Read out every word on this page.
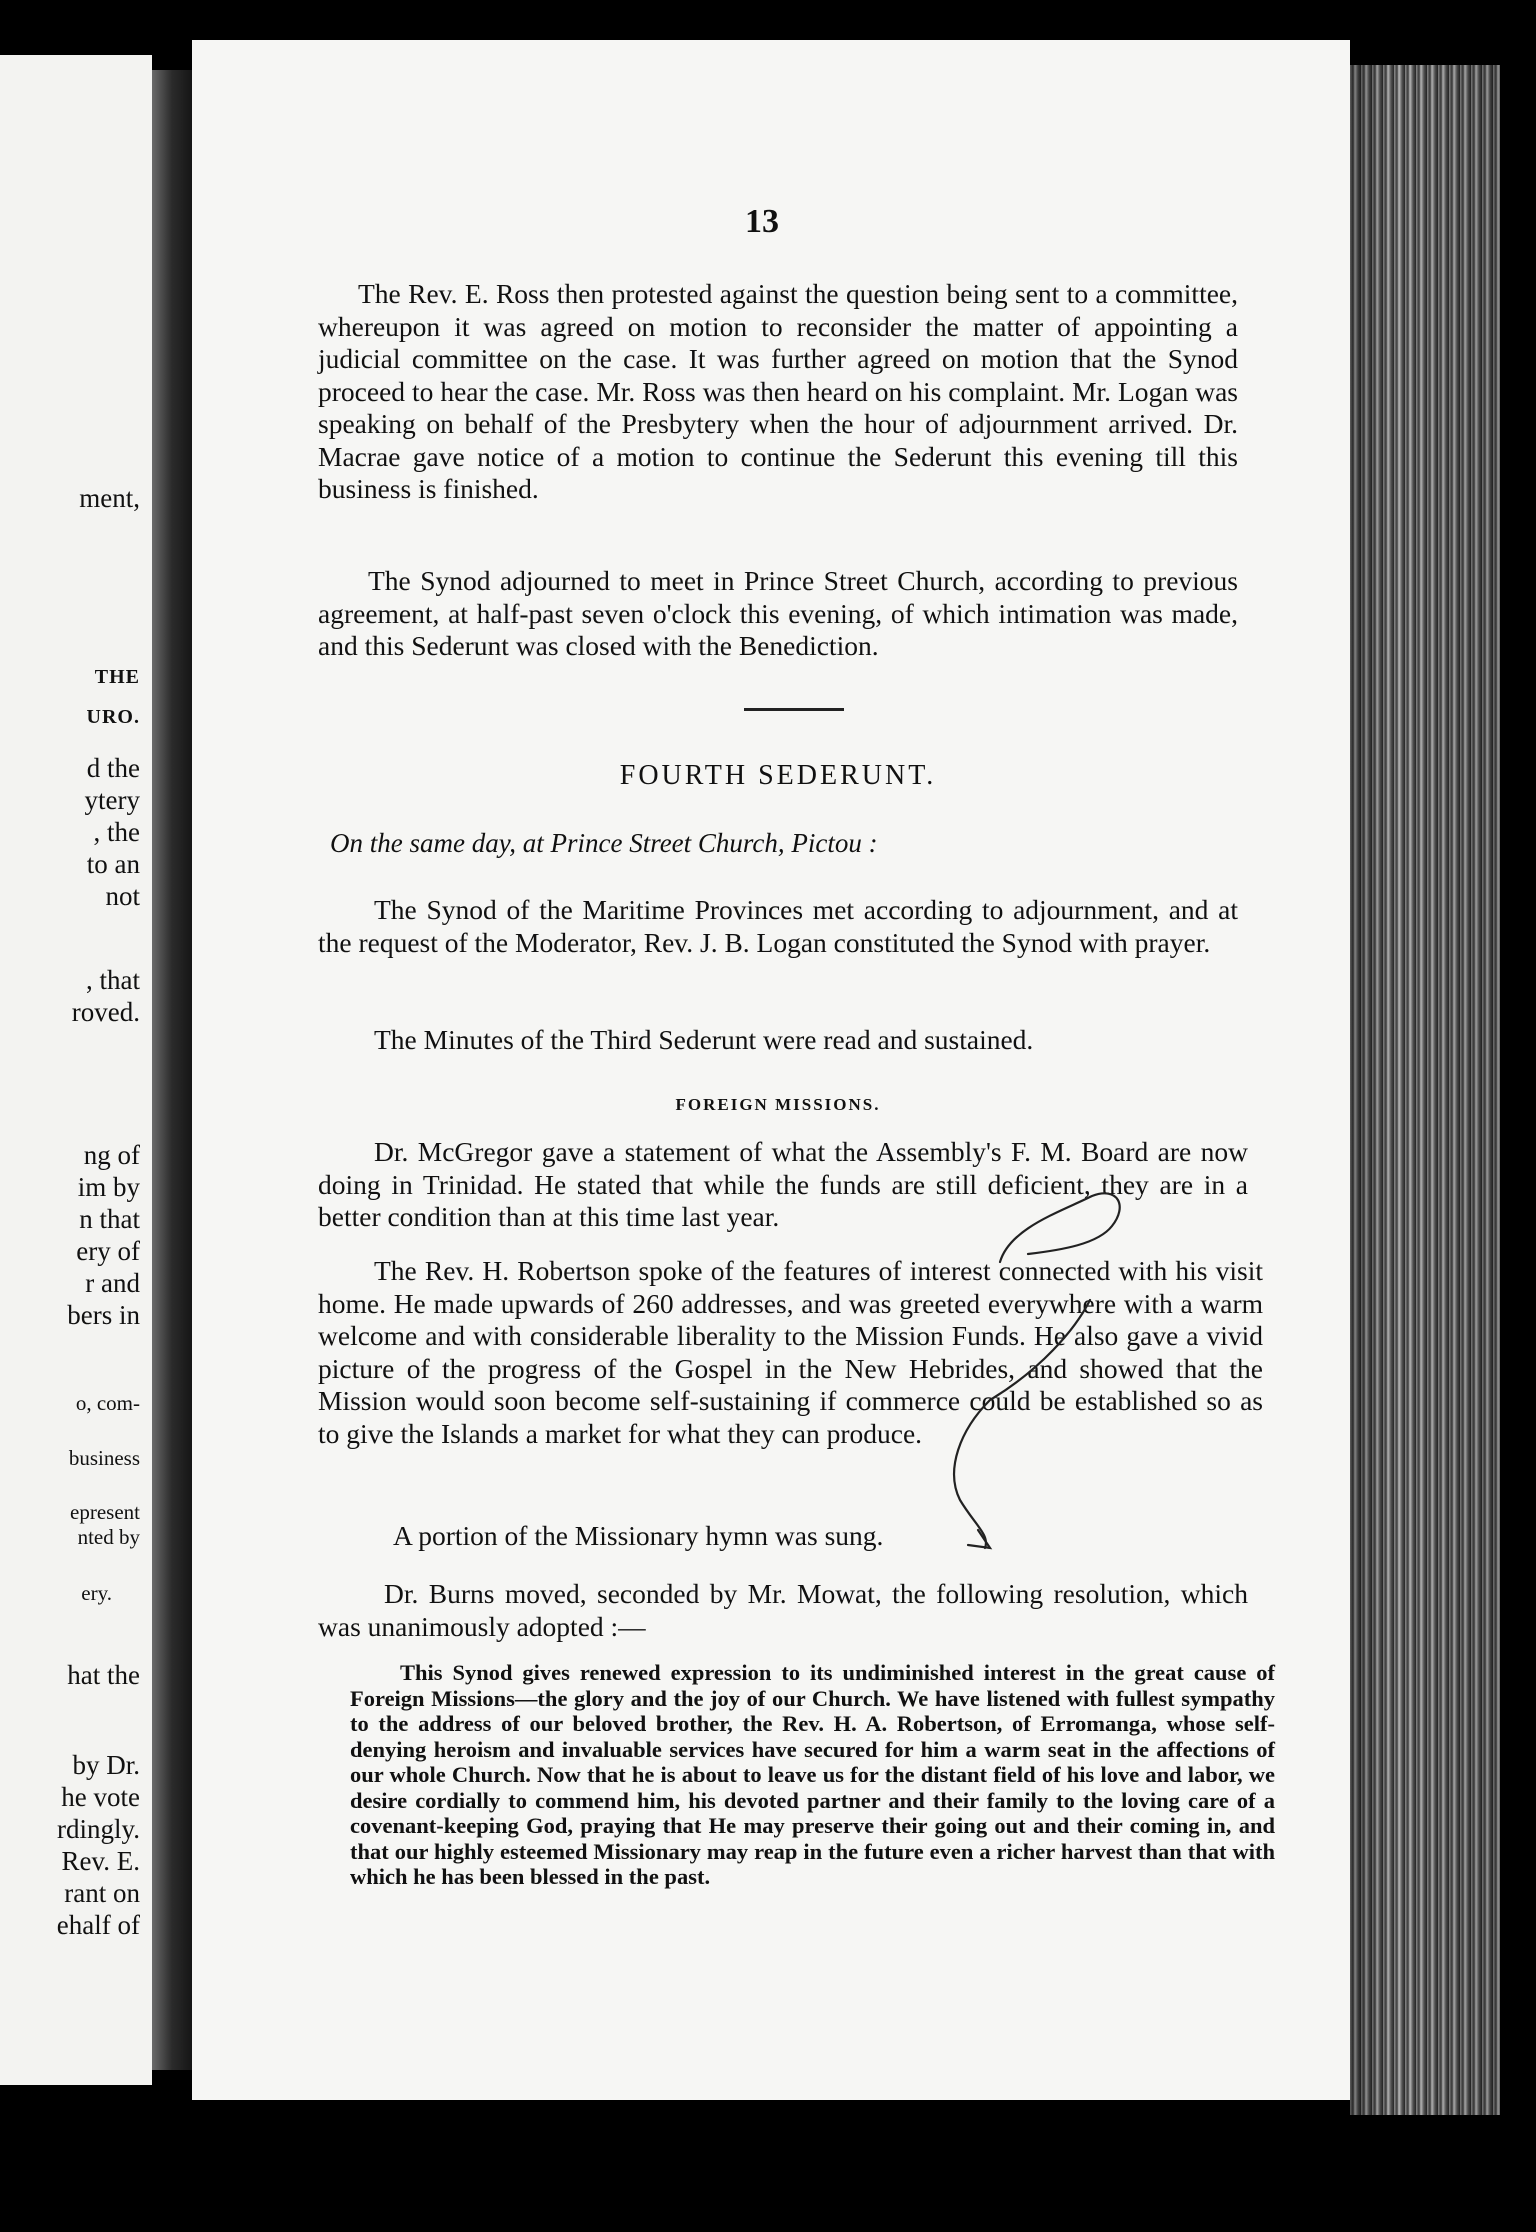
ment,
THE
URO.
d the
ytery
, the
to an
not
, that
roved.
ng of
im by
n that
ery of
r and
bers in
o, com-
business
epresent
nted by
ery.
hat the
by Dr.
he vote
rdingly.
Rev. E.
rant on
ehalf of
13

The Rev. E. Ross then protested against the question being sent to a committee, whereupon it was agreed on motion to reconsider the matter of appointing a judicial committee on the case. It was further agreed on motion that the Synod proceed to hear the case. Mr. Ross was then heard on his complaint. Mr. Logan was speaking on behalf of the Presbytery when the hour of adjournment arrived. Dr. Macrae gave notice of a motion to continue the Sederunt this evening till this business is finished.

The Synod adjourned to meet in Prince Street Church, according to previous agreement, at half-past seven o'clock this evening, of which intimation was made, and this Sederunt was closed with the Benediction.

FOURTH SEDERUNT.

On the same day, at Prince Street Church, Pictou :

The Synod of the Maritime Provinces met according to adjournment, and at the request of the Moderator, Rev. J. B. Logan constituted the Synod with prayer.

The Minutes of the Third Sederunt were read and sustained.

FOREIGN MISSIONS.

Dr. McGregor gave a statement of what the Assembly's F. M. Board are now doing in Trinidad. He stated that while the funds are still deficient, they are in a better condition than at this time last year.

The Rev. H. Robertson spoke of the features of interest connected with his visit home. He made upwards of 260 addresses, and was greeted everywhere with a warm welcome and with considerable liberality to the Mission Funds. He also gave a vivid picture of the progress of the Gospel in the New Hebrides, and showed that the Mission would soon become self-sustaining if commerce could be established so as to give the Islands a market for what they can produce.

A portion of the Missionary hymn was sung.

Dr. Burns moved, seconded by Mr. Mowat, the following resolution, which was unanimously adopted :—

This Synod gives renewed expression to its undiminished interest in the great cause of Foreign Missions—the glory and the joy of our Church. We have listened with fullest sympathy to the address of our beloved brother, the Rev. H. A. Robertson, of Erromanga, whose self-denying heroism and invaluable services have secured for him a warm seat in the affections of our whole Church. Now that he is about to leave us for the distant field of his love and labor, we desire cordially to commend him, his devoted partner and their family to the loving care of a covenant-keeping God, praying that He may preserve their going out and their coming in, and that our highly esteemed Missionary may reap in the future even a richer harvest than that with which he has been blessed in the past.
